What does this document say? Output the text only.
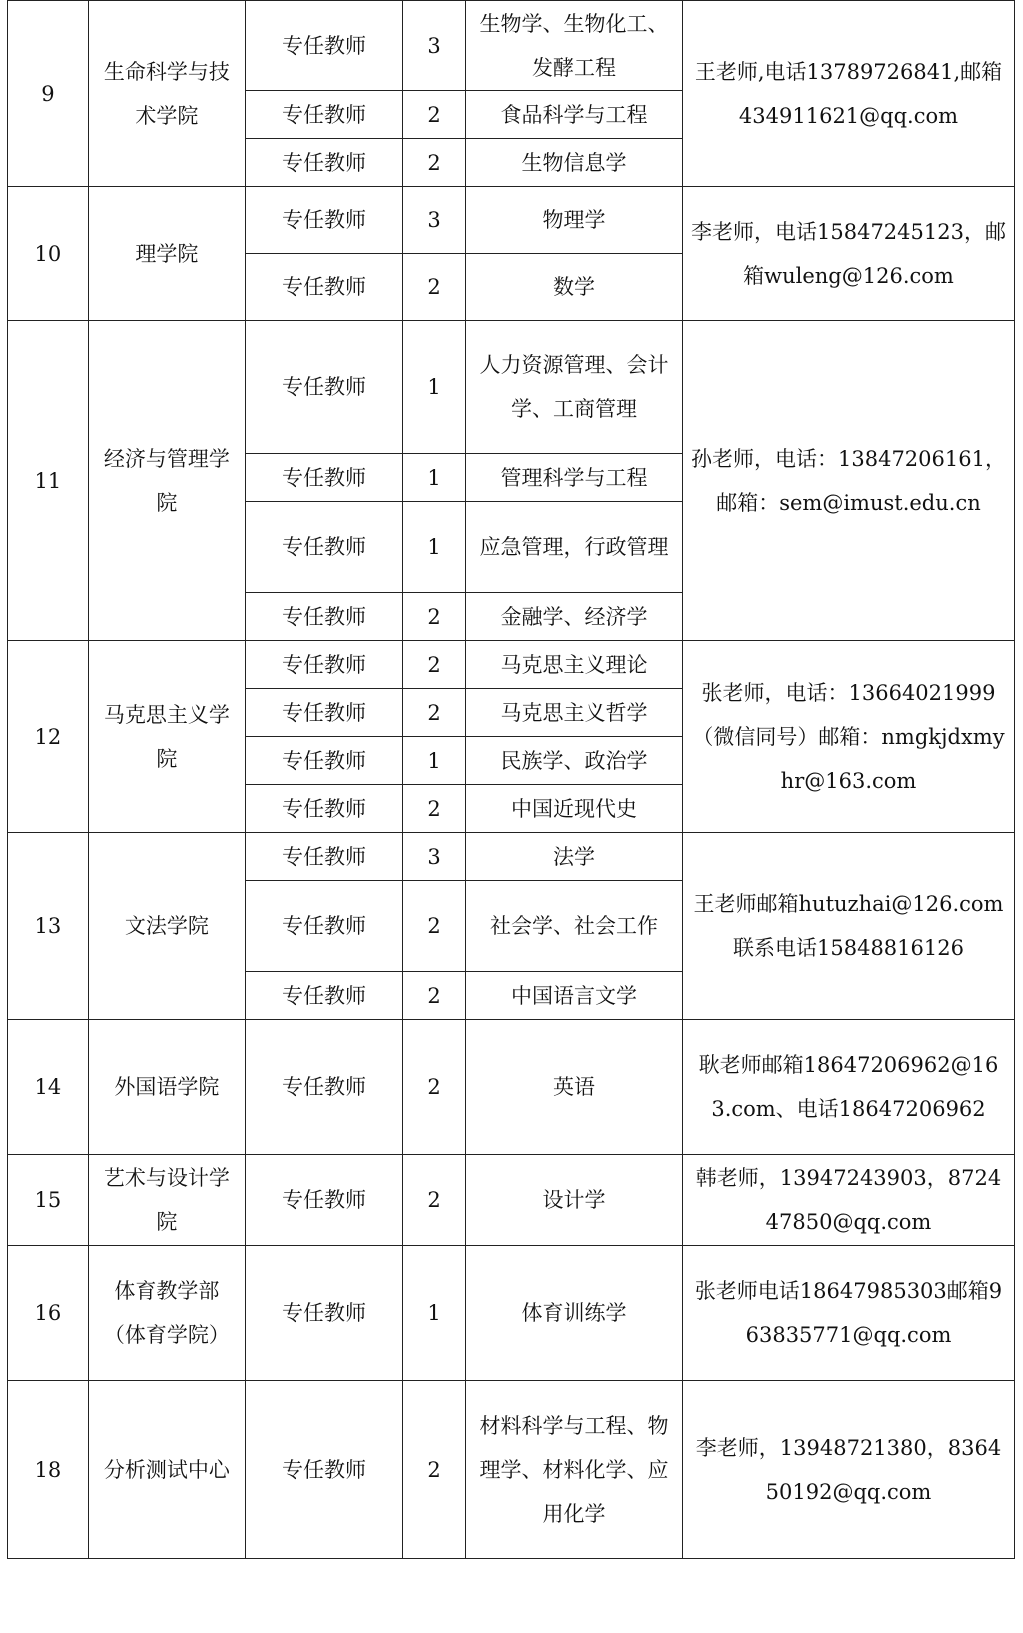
9	生命科学与技术学院	专任教师	3	生物学、生物化工、发酵工程	王老师,电话13789726841,邮箱434911621@qq.com
		专任教师	2	食品科学与工程	
		专任教师	2	生物信息学	
10	理学院	专任教师	3	物理学	李老师，电话15847245123，邮箱wuleng@126.com
		专任教师	2	数学	
11	经济与管理学院	专任教师	1	人力资源管理、会计学、工商管理	孙老师，电话：13847206161，邮箱：sem@imust.edu.cn
		专任教师	1	管理科学与工程	
		专任教师	1	应急管理，行政管理	
		专任教师	2	金融学、经济学	
12	马克思主义学院	专任教师	2	马克思主义理论	张老师，电话：13664021999（微信同号）邮箱：nmgkjdxmyhr@163.com
		专任教师	2	马克思主义哲学	
		专任教师	1	民族学、政治学	
		专任教师	2	中国近现代史	
13	文法学院	专任教师	3	法学	王老师邮箱hutuzhai@126.com 联系电话15848816126
		专任教师	2	社会学、社会工作	
		专任教师	2	中国语言文学	
14	外国语学院	专任教师	2	英语	耿老师邮箱18647206962@163.com、电话18647206962
15	艺术与设计学院	专任教师	2	设计学	韩老师，13947243903，872447850@qq.com
16	体育教学部（体育学院）	专任教师	1	体育训练学	张老师电话18647985303邮箱963835771@qq.com
18	分析测试中心	专任教师	2	材料科学与工程、物理学、材料化学、应用化学	李老师，13948721380，836450192@qq.com
